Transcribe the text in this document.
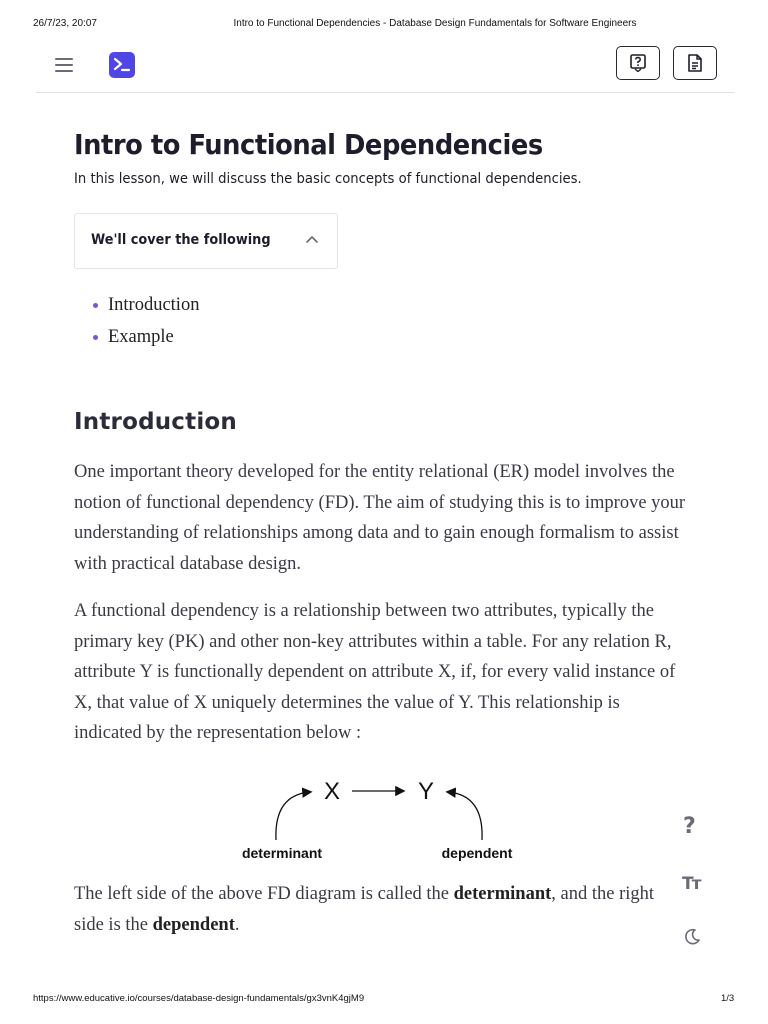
26/7/23, 20:07	Intro to Functional Dependencies - Database Design Fundamentals for Software Engineers
Intro to Functional Dependencies
In this lesson, we will discuss the basic concepts of functional dependencies.
We'll cover the following
Introduction
Example
Introduction

One important theory developed for the entity relational (ER) model involves the notion of functional dependency (FD). The aim of studying this is to improve your understanding of relationships among data and to gain enough formalism to assist with practical database design.

A functional dependency is a relationship between two attributes, typically the primary key (PK) and other non-key attributes within a table. For any relation R, attribute Y is functionally dependent on attribute X, if, for every valid instance of X, that value of X uniquely determines the value of Y. This relationship is indicated by the representation below :

X	Y
determinant	dependent

The left side of the above FD diagram is called the determinant, and the right side is the dependent.

?
Tт
https://www.educative.io/courses/database-design-fundamentals/gx3vnK4gjM9	1/3
